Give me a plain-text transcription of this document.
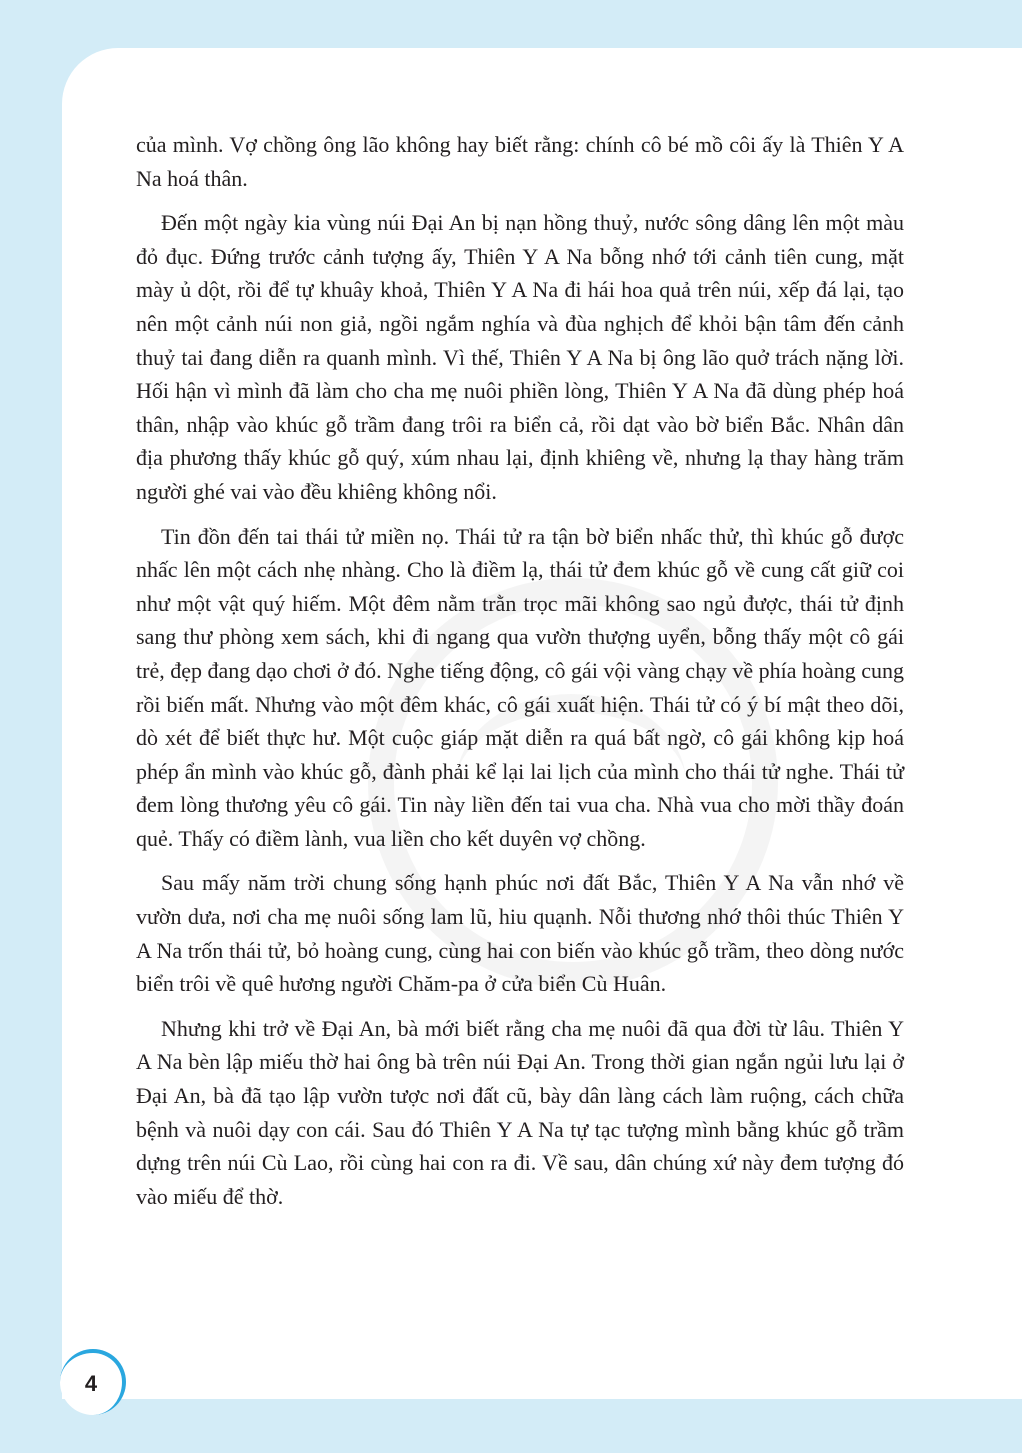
của mình. Vợ chồng ông lão không hay biết rằng: chính cô bé mồ côi ấy là Thiên Y A Na hoá thân.

Đến một ngày kia vùng núi Đại An bị nạn hồng thuỷ, nước sông dâng lên một màu đỏ đục. Đứng trước cảnh tượng ấy, Thiên Y A Na bỗng nhớ tới cảnh tiên cung, mặt mày ủ dột, rồi để tự khuây khoả, Thiên Y A Na đi hái hoa quả trên núi, xếp đá lại, tạo nên một cảnh núi non giả, ngồi ngắm nghía và đùa nghịch để khỏi bận tâm đến cảnh thuỷ tai đang diễn ra quanh mình. Vì thế, Thiên Y A Na bị ông lão quở trách nặng lời. Hối hận vì mình đã làm cho cha mẹ nuôi phiền lòng, Thiên Y A Na đã dùng phép hoá thân, nhập vào khúc gỗ trầm đang trôi ra biển cả, rồi dạt vào bờ biển Bắc. Nhân dân địa phương thấy khúc gỗ quý, xúm nhau lại, định khiêng về, nhưng lạ thay hàng trăm người ghé vai vào đều khiêng không nổi.

Tin đồn đến tai thái tử miền nọ. Thái tử ra tận bờ biển nhấc thử, thì khúc gỗ được nhấc lên một cách nhẹ nhàng. Cho là điềm lạ, thái tử đem khúc gỗ về cung cất giữ coi như một vật quý hiếm. Một đêm nằm trằn trọc mãi không sao ngủ được, thái tử định sang thư phòng xem sách, khi đi ngang qua vườn thượng uyển, bỗng thấy một cô gái trẻ, đẹp đang dạo chơi ở đó. Nghe tiếng động, cô gái vội vàng chạy về phía hoàng cung rồi biến mất. Nhưng vào một đêm khác, cô gái xuất hiện. Thái tử có ý bí mật theo dõi, dò xét để biết thực hư. Một cuộc giáp mặt diễn ra quá bất ngờ, cô gái không kịp hoá phép ẩn mình vào khúc gỗ, đành phải kể lại lai lịch của mình cho thái tử nghe. Thái tử đem lòng thương yêu cô gái. Tin này liền đến tai vua cha. Nhà vua cho mời thầy đoán quẻ. Thấy có điềm lành, vua liền cho kết duyên vợ chồng.

Sau mấy năm trời chung sống hạnh phúc nơi đất Bắc, Thiên Y A Na vẫn nhớ về vườn dưa, nơi cha mẹ nuôi sống lam lũ, hiu quạnh. Nỗi thương nhớ thôi thúc Thiên Y A Na trốn thái tử, bỏ hoàng cung, cùng hai con biến vào khúc gỗ trầm, theo dòng nước biển trôi về quê hương người Chăm-pa ở cửa biển Cù Huân.

Nhưng khi trở về Đại An, bà mới biết rằng cha mẹ nuôi đã qua đời từ lâu. Thiên Y A Na bèn lập miếu thờ hai ông bà trên núi Đại An. Trong thời gian ngắn ngủi lưu lại ở Đại An, bà đã tạo lập vườn tược nơi đất cũ, bày dân làng cách làm ruộng, cách chữa bệnh và nuôi dạy con cái. Sau đó Thiên Y A Na tự tạc tượng mình bằng khúc gỗ trầm dựng trên núi Cù Lao, rồi cùng hai con ra đi. Về sau, dân chúng xứ này đem tượng đó vào miếu để thờ.

4
